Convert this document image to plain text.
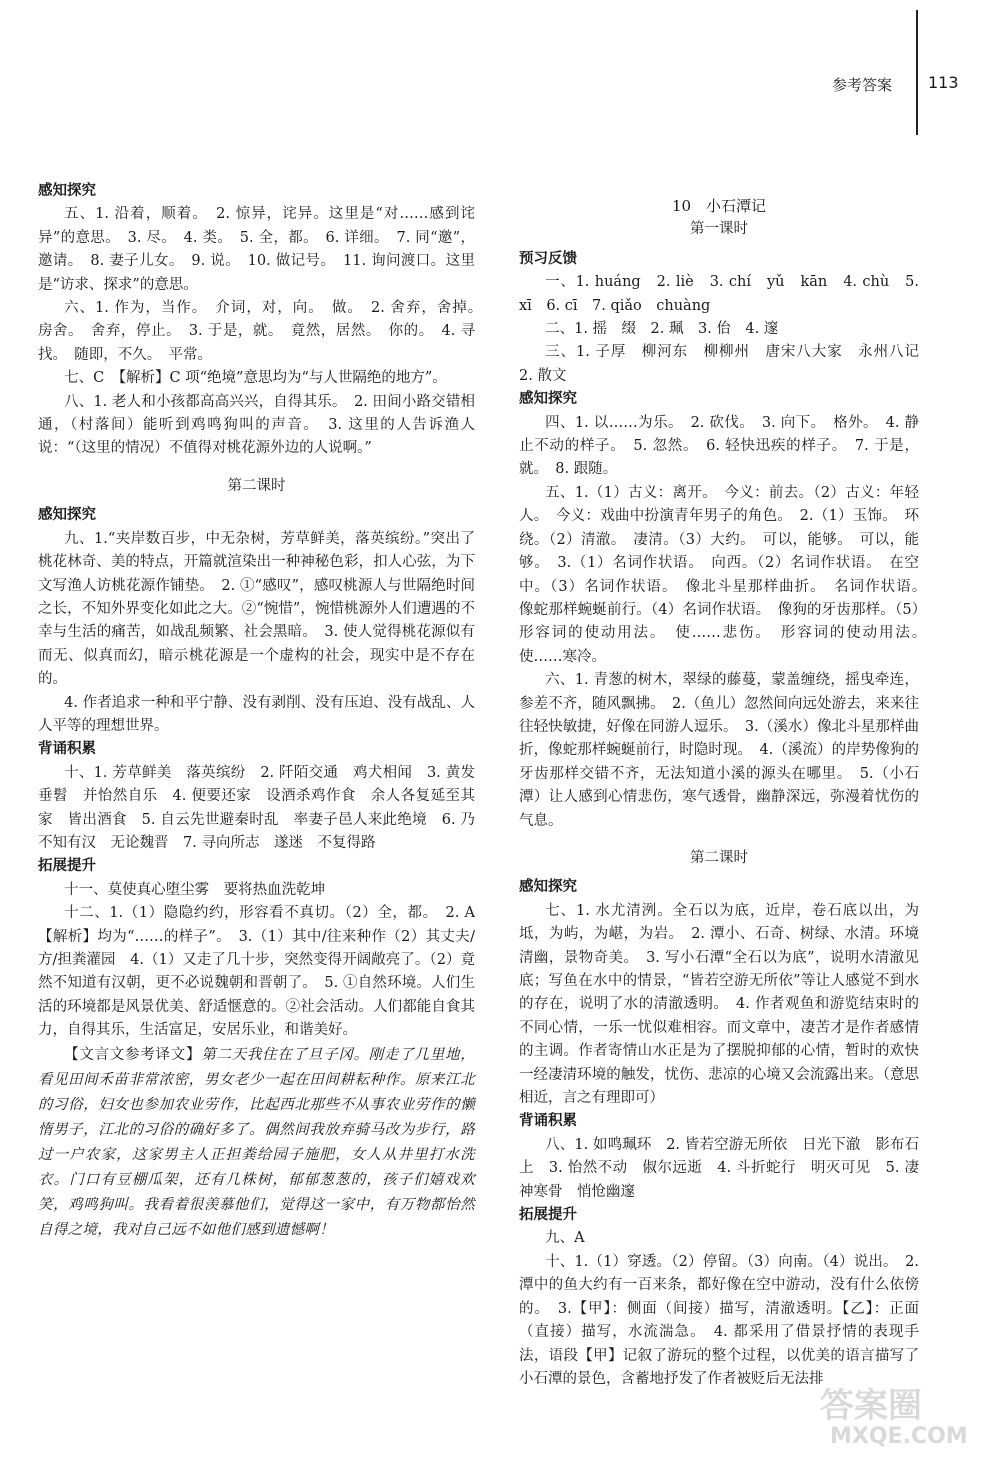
参考答案 113

感知探究

五、1. 沿着，顺着。　2. 惊异，诧异。这里是“对……感到诧异”的意思。　3. 尽。　4. 类。　5. 全，都。　6. 详细。　7. 同“邀”，邀请。　8. 妻子儿女。　9. 说。　10. 做记号。　11. 询问渡口。这里是“访求、探求”的意思。

六、1. 作为，当作。　介词，对，向。　做。　2. 舍弃，舍掉。　房舍。　舍弃，停止。　3. 于是，就。　竟然，居然。　你的。　4. 寻找。　随即，不久。　平常。

七、C　【解析】C 项“绝境”意思均为“与人世隔绝的地方”。

八、1. 老人和小孩都高高兴兴，自得其乐。　2. 田间小路交错相通，（村落间）能听到鸡鸣狗叫的声音。　3. 这里的人告诉渔人说：“（这里的情况）不值得对桃花源外边的人说啊。”

第二课时

感知探究

九、1.“夹岸数百步，中无杂树，芳草鲜美，落英缤纷。”突出了桃花林奇、美的特点，开篇就渲染出一种神秘色彩，扣人心弦，为下文写渔人访桃花源作铺垫。　2. ①“感叹”，感叹桃源人与世隔绝时间之长，不知外界变化如此之大。②“惋惜”，惋惜桃源外人们遭遇的不幸与生活的痛苦，如战乱频繁、社会黑暗。　3. 使人觉得桃花源似有而无、似真而幻，暗示桃花源是一个虚构的社会，现实中是不存在的。

4. 作者追求一种和平宁静、没有剥削、没有压迫、没有战乱、人人平等的理想世界。

背诵积累

十、1. 芳草鲜美　落英缤纷　2. 阡陌交通　鸡犬相闻　3. 黄发垂髫　并怡然自乐　4. 便要还家　设酒杀鸡作食　余人各复延至其家　皆出酒食　5. 自云先世避秦时乱　率妻子邑人来此绝境　6. 乃不知有汉　无论魏晋　7. 寻向所志　遂迷　不复得路

拓展提升

十一、莫使真心堕尘雾　要将热血洗乾坤

十二、1.（1）隐隐约约，形容看不真切。（2）全，都。　2. A　【解析】均为“……的样子”。　3.（1）其中/往来种作（2）其丈夫/方/担粪灌园　4.（1）又走了几十步，突然变得开阔敞亮了。（2）竟然不知道有汉朝，更不必说魏朝和晋朝了。　5. ①自然环境。人们生活的环境都是风景优美、舒适惬意的。②社会活动。人们都能自食其力，自得其乐，生活富足，安居乐业，和谐美好。

【文言文参考译文】第二天我住在了旦子冈。刚走了几里地，看见田间禾苗非常浓密，男女老少一起在田间耕耘种作。原来江北的习俗，妇女也参加农业劳作，比起西北那些不从事农业劳作的懒惰男子，江北的习俗的确好多了。偶然间我放弃骑马改为步行，路过一户农家，这家男主人正担粪给园子施肥，女人从井里打水洗衣。门口有豆棚瓜架，还有几株树，郁郁葱葱的，孩子们嬉戏欢笑，鸡鸣狗叫。我看着很羡慕他们，觉得这一家中，有万物都怡然自得之境，我对自己远不如他们感到遗憾啊！

10　小石潭记

第一课时

预习反馈

一、1. huáng　2. liè　3. chí　yǔ　kān　4. chù　5. xī　6. cī　7. qiǎo　chuàng

二、1. 摇　缀　2. 珮　3. 佁　4. 邃

三、1. 子厚　柳河东　柳柳州　唐宋八大家　永州八记　2. 散文

感知探究

四、1. 以……为乐。　2. 砍伐。　3. 向下。　格外。　4. 静止不动的样子。　5. 忽然。　6. 轻快迅疾的样子。　7. 于是，就。　8. 跟随。

五、1.（1）古义：离开。　今义：前去。（2）古义：年轻人。　今义：戏曲中扮演青年男子的角色。　2.（1）玉饰。　环绕。（2）清澈。　凄清。（3）大约。　可以，能够。　可以，能够。　3.（1）名词作状语。　向西。（2）名词作状语。　在空中。（3）名词作状语。　像北斗星那样曲折。　名词作状语。　像蛇那样蜿蜒前行。（4）名词作状语。　像狗的牙齿那样。（5）形容词的使动用法。　使……悲伤。　形容词的使动用法。　使……寒冷。

六、1. 青葱的树木，翠绿的藤蔓，蒙盖缠绕，摇曳牵连，参差不齐，随风飘拂。　2.（鱼儿）忽然间向远处游去，来来往往轻快敏捷，好像在同游人逗乐。　3.（溪水）像北斗星那样曲折，像蛇那样蜿蜒前行，时隐时现。　4.（溪流）的岸势像狗的牙齿那样交错不齐，无法知道小溪的源头在哪里。　5.（小石潭）让人感到心情悲伤，寒气透骨，幽静深远，弥漫着忧伤的气息。

第二课时

感知探究

七、1. 水尤清洌。全石以为底，近岸，卷石底以出，为坻，为屿，为嵁，为岩。　2. 潭小、石奇、树绿、水清。环境清幽，景物奇美。　3. 写小石潭“全石以为底”，说明水清澈见底；写鱼在水中的情景，“皆若空游无所依”等让人感觉不到水的存在，说明了水的清澈透明。　4. 作者观鱼和游览结束时的不同心情，一乐一忧似难相容。而文章中，凄苦才是作者感情的主调。作者寄情山水正是为了摆脱抑郁的心情，暂时的欢快一经凄清环境的触发，忧伤、悲凉的心境又会流露出来。（意思相近，言之有理即可）

背诵积累

八、1. 如鸣珮环　2. 皆若空游无所依　日光下澈　影布石上　3. 怡然不动　俶尔远逝　4. 斗折蛇行　明灭可见　5. 凄神寒骨　悄怆幽邃

拓展提升

九、A

十、1.（1）穿透。（2）停留。（3）向南。（4）说出。　2. 潭中的鱼大约有一百来条，都好像在空中游动，没有什么依傍的。　3.【甲】：侧面（间接）描写，清澈透明。【乙】：正面（直接）描写，水流湍急。　4. 都采用了借景抒情的表现手法，语段【甲】记叙了游玩的整个过程，以优美的语言描写了小石潭的景色，含蓄地抒发了作者被贬后无法排

答案圈
MXQE.COM
